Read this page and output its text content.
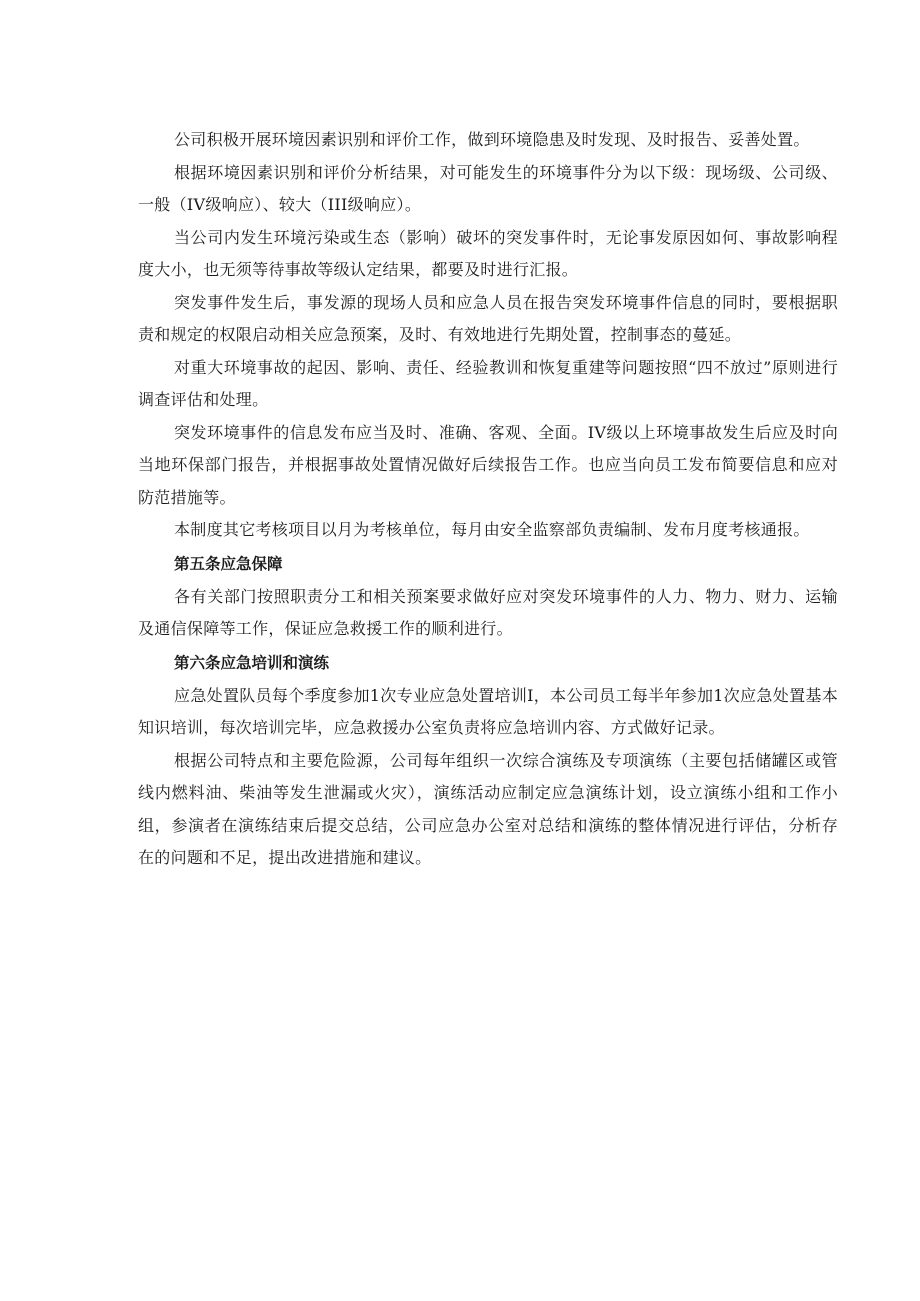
公司积极开展环境因素识别和评价工作，做到环境隐患及时发现、及时报告、妥善处置。

根据环境因素识别和评价分析结果，对可能发生的环境事件分为以下级：现场级、公司级、一般（IV级响应）、较大（III级响应）。

当公司内发生环境污染或生态（影响）破坏的突发事件时，无论事发原因如何、事故影响程度大小，也无须等待事故等级认定结果，都要及时进行汇报。

突发事件发生后，事发源的现场人员和应急人员在报告突发环境事件信息的同时，要根据职责和规定的权限启动相关应急预案，及时、有效地进行先期处置，控制事态的蔓延。

对重大环境事故的起因、影响、责任、经验教训和恢复重建等问题按照“四不放过”原则进行调查评估和处理。

突发环境事件的信息发布应当及时、准确、客观、全面。IV级以上环境事故发生后应及时向当地环保部门报告，并根据事故处置情况做好后续报告工作。也应当向员工发布简要信息和应对防范措施等。

本制度其它考核项目以月为考核单位，每月由安全监察部负责编制、发布月度考核通报。

第五条应急保障

各有关部门按照职责分工和相关预案要求做好应对突发环境事件的人力、物力、财力、运输及通信保障等工作，保证应急救援工作的顺利进行。

第六条应急培训和演练

应急处置队员每个季度参加1次专业应急处置培训I，本公司员工每半年参加1次应急处置基本知识培训，每次培训完毕，应急救援办公室负责将应急培训内容、方式做好记录。

根据公司特点和主要危险源，公司每年组织一次综合演练及专项演练（主要包括储罐区或管线内燃料油、柴油等发生泄漏或火灾），演练活动应制定应急演练计划，设立演练小组和工作小组，参演者在演练结束后提交总结，公司应急办公室对总结和演练的整体情况进行评估，分析存在的问题和不足，提出改进措施和建议。
